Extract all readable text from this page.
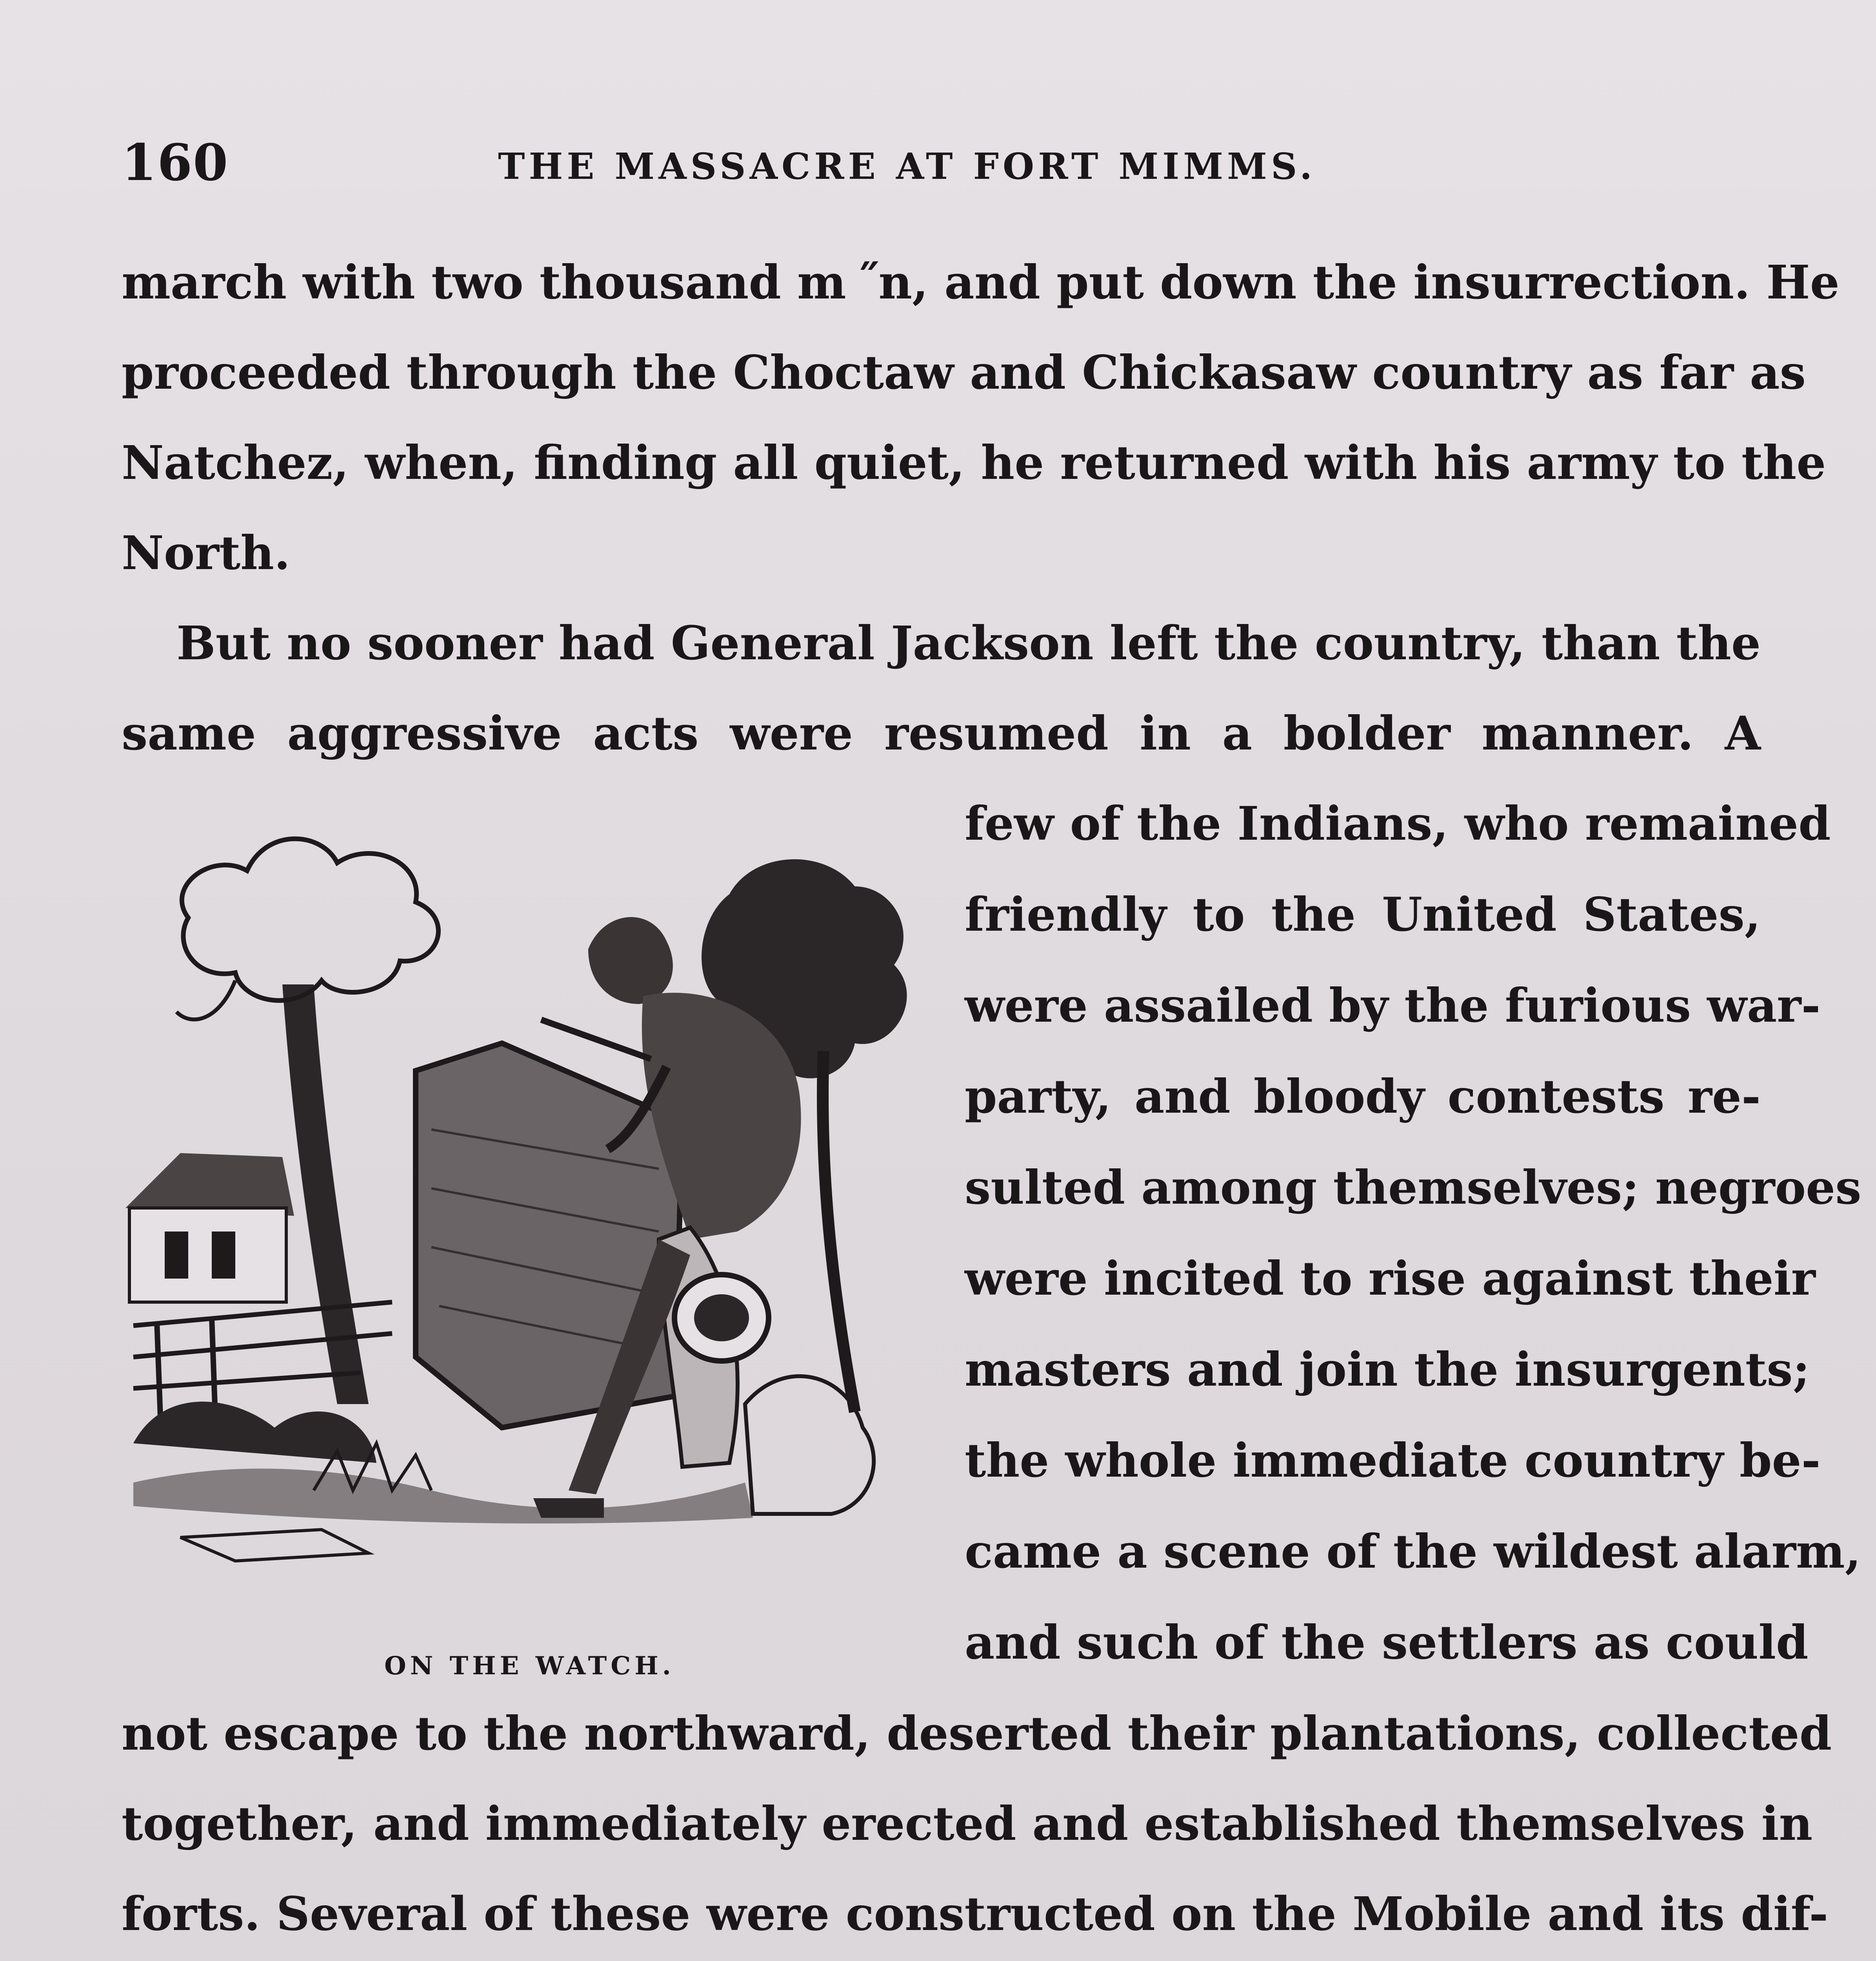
160	THE MASSACRE AT FORT MIMMS.
march with two thousand m ˝n, and put down the insurrection. He
proceeded through the Choctaw and Chickasaw country as far as
Natchez, when, finding all quiet, he returned with his army to the
North.
But no sooner had General Jackson left the country, than the
same aggressive acts were resumed in a bolder manner. A
ON THE WATCH.
few of the Indians, who remained
friendly to the United States,
were assailed by the furious war-
party, and bloody contests re-
sulted among themselves; negroes
were incited to rise against their
masters and join the insurgents;
the whole immediate country be-
came a scene of the wildest alarm,
and such of the settlers as could
not escape to the northward, deserted their plantations, collected
together, and immediately erected and established themselves in
forts. Several of these were constructed on the Mobile and its dif-
